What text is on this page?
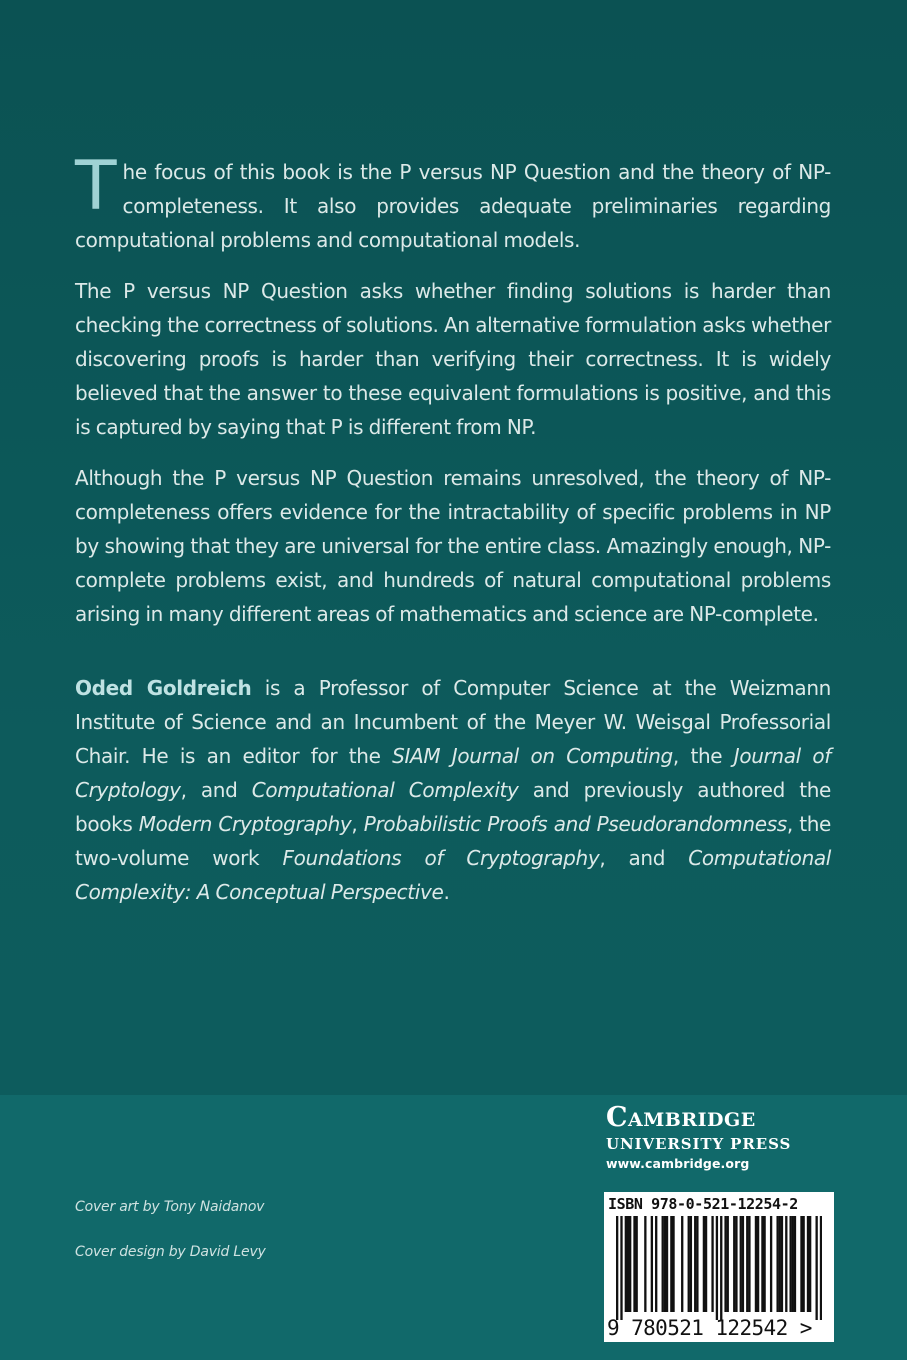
The focus of this book is the P versus NP Question and the theory of NP-completeness. It also provides adequate preliminaries regarding computational problems and computational models.

The P versus NP Question asks whether finding solutions is harder than checking the correctness of solutions. An alternative formulation asks whether discovering proofs is harder than verifying their correctness. It is widely believed that the answer to these equivalent formulations is positive, and this is captured by saying that P is different from NP.

Although the P versus NP Question remains unresolved, the theory of NP-completeness offers evidence for the intractability of specific problems in NP by showing that they are universal for the entire class. Amazingly enough, NP-complete problems exist, and hundreds of natural computational problems arising in many different areas of mathematics and science are NP-complete.

Oded Goldreich is a Professor of Computer Science at the Weizmann Institute of Science and an Incumbent of the Meyer W. Weisgal Professorial Chair. He is an editor for the SIAM Journal on Computing, the Journal of Cryptology, and Computational Complexity and previously authored the books Modern Cryptography, Probabilistic Proofs and Pseudorandomness, the two-volume work Foundations of Cryptography, and Computational Complexity: A Conceptual Perspective.

Cover art by Tony Naidanov
Cover design by David Levy
Cambridge
UNIVERSITY PRESS
www.cambridge.org
ISBN 978-0-521-12254-2
9 780521 122542 >
